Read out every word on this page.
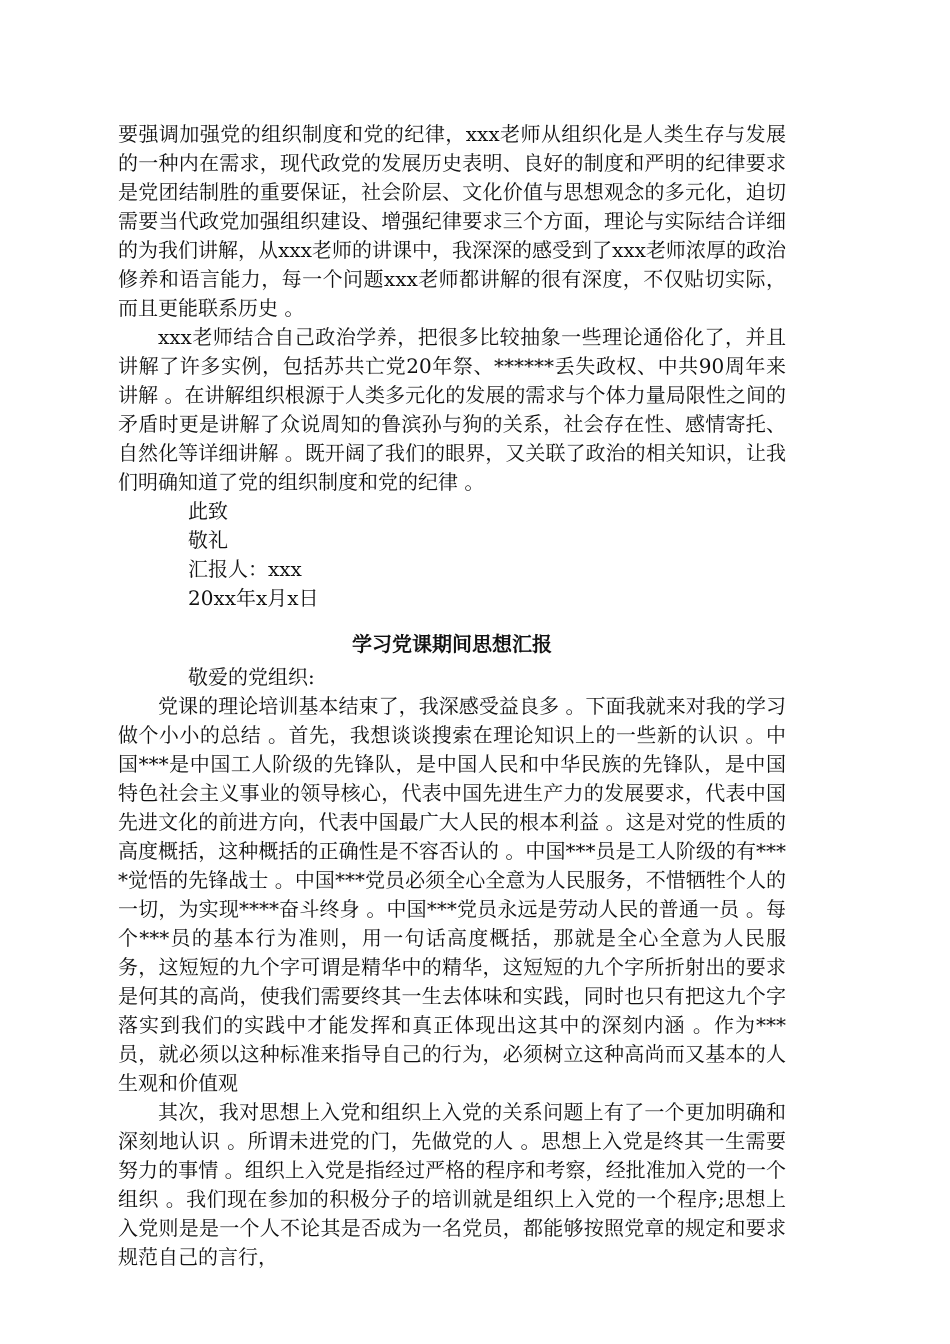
要强调加强党的组织制度和党的纪律，xxx老师从组织化是人类生存与发展的一种内在需求，现代政党的发展历史表明、良好的制度和严明的纪律要求是党团结制胜的重要保证，社会阶层、文化价值与思想观念的多元化，迫切需要当代政党加强组织建设、增强纪律要求三个方面，理论与实际结合详细的为我们讲解，从xxx老师的讲课中，我深深的感受到了xxx老师浓厚的政治修养和语言能力，每一个问题xxx老师都讲解的很有深度，不仅贴切实际，而且更能联系历史 。

xxx老师结合自己政治学养，把很多比较抽象一些理论通俗化了，并且讲解了许多实例，包括苏共亡党20年祭、******丢失政权、中共90周年来讲解 。在讲解组织根源于人类多元化的发展的需求与个体力量局限性之间的矛盾时更是讲解了众说周知的鲁滨孙与狗的关系，社会存在性、感情寄托、自然化等详细讲解 。既开阔了我们的眼界，又关联了政治的相关知识，让我们明确知道了党的组织制度和党的纪律 。

此致

敬礼

汇报人：xxx

20xx年x月x日

学习党课期间思想汇报

敬爱的党组织:

党课的理论培训基本结束了，我深感受益良多 。下面我就来对我的学习做个小小的总结 。首先，我想谈谈搜索在理论知识上的一些新的认识 。中国***是中国工人阶级的先锋队，是中国人民和中华民族的先锋队，是中国特色社会主义事业的领导核心，代表中国先进生产力的发展要求，代表中国先进文化的前进方向，代表中国最广大人民的根本利益 。这是对党的性质的高度概括，这种概括的正确性是不容否认的 。中国***员是工人阶级的有****觉悟的先锋战士 。中国***党员必须全心全意为人民服务，不惜牺牲个人的一切，为实现****奋斗终身 。中国***党员永远是劳动人民的普通一员 。每个***员的基本行为准则，用一句话高度概括，那就是全心全意为人民服务，这短短的九个字可谓是精华中的精华，这短短的九个字所折射出的要求是何其的高尚，使我们需要终其一生去体味和实践，同时也只有把这九个字落实到我们的实践中才能发挥和真正体现出这其中的深刻内涵 。作为***员，就必须以这种标准来指导自己的行为，必须树立这种高尚而又基本的人生观和价值观

其次，我对思想上入党和组织上入党的关系问题上有了一个更加明确和深刻地认识 。所谓未进党的门，先做党的人 。思想上入党是终其一生需要努力的事情 。组织上入党是指经过严格的程序和考察，经批准加入党的一个组织 。我们现在参加的积极分子的培训就是组织上入党的一个程序;思想上入党则是是一个人不论其是否成为一名党员，都能够按照党章的规定和要求规范自己的言行，
